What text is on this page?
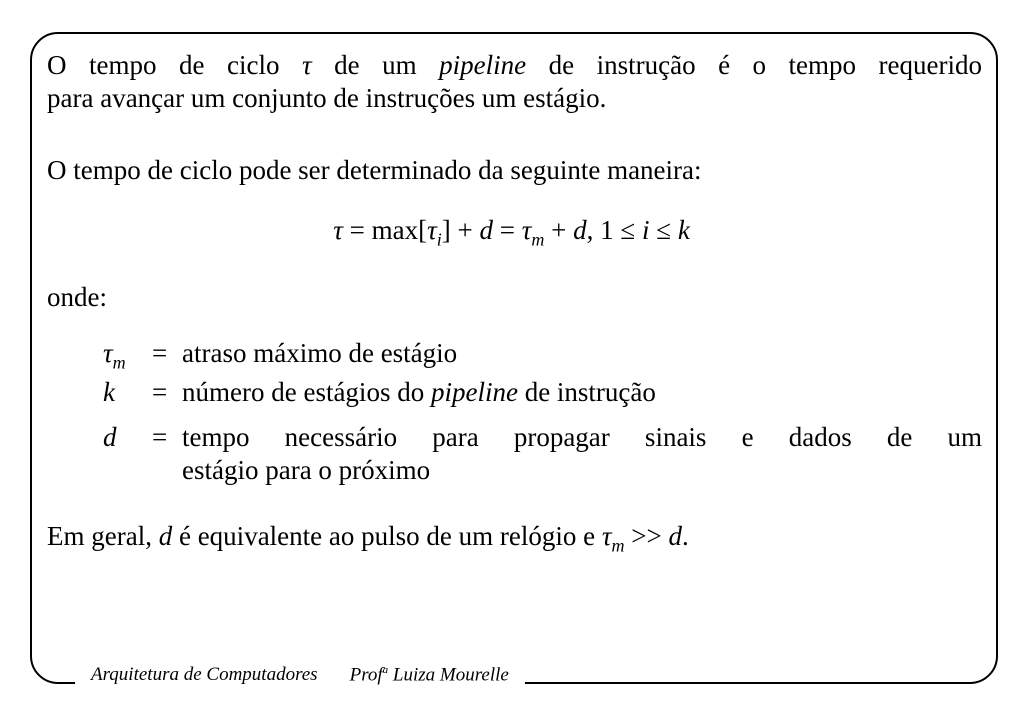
O tempo de ciclo τ de um pipeline de instrução é o tempo requerido
para avançar um conjunto de instruções um estágio.
O tempo de ciclo pode ser determinado da seguinte maneira:
$\tau = \max[\tau_i] + d = \tau_m + d$, 1 ≤ i ≤ k
onde:
$\tau_m$ = atraso máximo de estágio
k = número de estágios do pipeline de instrução
d = tempo necessário para propagar sinais e dados de um
estágio para o próximo
Em geral, d é equivalente ao pulso de um relógio e $\tau_m >> d$.
Arquitetura de Computadores Prof$^a$ Luiza Mourelle
